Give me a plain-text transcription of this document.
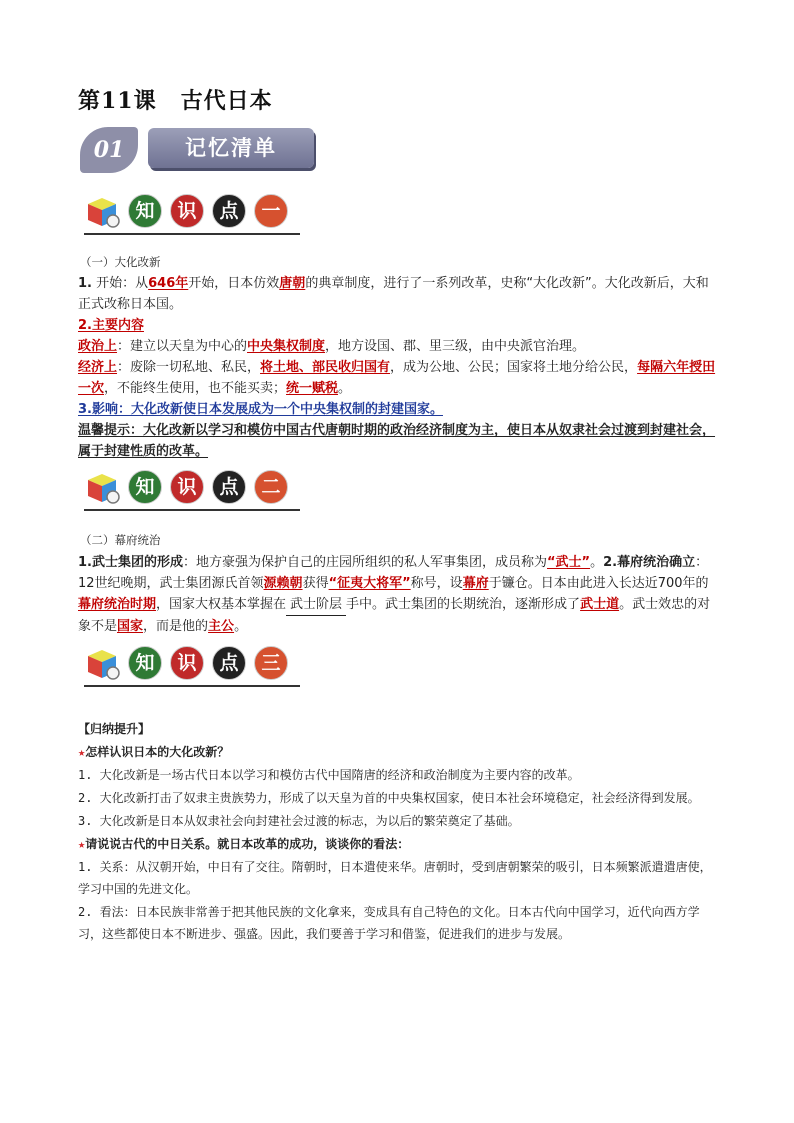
第11课 古代日本
01	记忆清单
知	识	点	一
（一）大化改新

1. 开始：从646年开始，日本仿效唐朝的典章制度，进行了一系列改革，史称“大化改新”。大化改新后，大和正式改称日本国。

2.主要内容

政治上：建立以天皇为中心的中央集权制度，地方设国、郡、里三级，由中央派官治理。

经济上：废除一切私地、私民，将土地、部民收归国有，成为公地、公民；国家将土地分给公民，每隔六年授田一次，不能终生使用，也不能买卖；统一赋税。

3.影响：大化改新使日本发展成为一个中央集权制的封建国家。

温馨提示：大化改新以学习和模仿中国古代唐朝时期的政治经济制度为主，使日本从奴隶社会过渡到封建社会，属于封建性质的改革。

知	识	点	二
（二）幕府统治

1.武士集团的形成：地方豪强为保护自己的庄园所组织的私人军事集团，成员称为“武士”。2.幕府统治确立：12世纪晚期，武士集团源氏首领源赖朝获得“征夷大将军”称号，设幕府于镰仓。日本由此进入长达近700年的幕府统治时期，国家大权基本掌握在 武士阶层 手中。武士集团的长期统治，逐渐形成了武士道。武士效忠的对象不是国家，而是他的主公。

知	识	点	三

【归纳提升】

★怎样认识日本的大化改新？

1. 大化改新是一场古代日本以学习和模仿古代中国隋唐的经济和政治制度为主要内容的改革。

2. 大化改新打击了奴隶主贵族势力，形成了以天皇为首的中央集权国家，使日本社会环境稳定，社会经济得到发展。

3. 大化改新是日本从奴隶社会向封建社会过渡的标志，为以后的繁荣奠定了基础。

★请说说古代的中日关系。就日本改革的成功，谈谈你的看法：

1. 关系：从汉朝开始，中日有了交往。隋朝时，日本遣使来华。唐朝时，受到唐朝繁荣的吸引，日本频繁派遣遣唐使，学习中国的先进文化。

2. 看法：日本民族非常善于把其他民族的文化拿来，变成具有自己特色的文化。日本古代向中国学习，近代向西方学习，这些都使日本不断进步、强盛。因此，我们要善于学习和借鉴，促进我们的进步与发展。
